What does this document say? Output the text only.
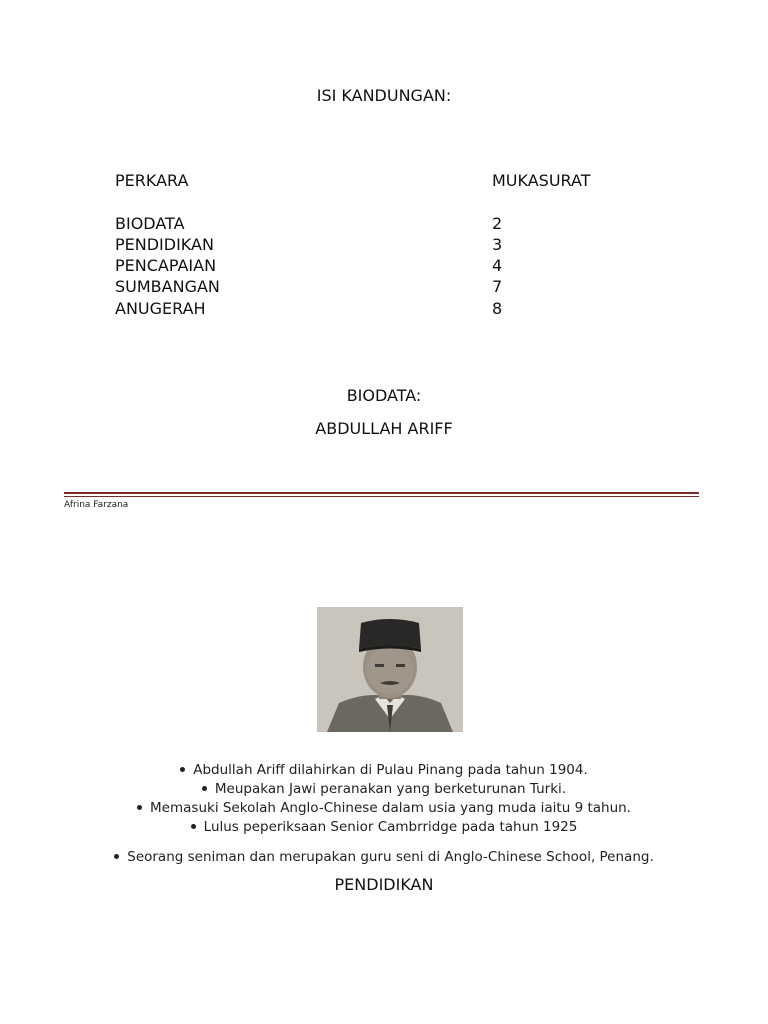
ISI KANDUNGAN:
PERKARA	MUKASURAT
BIODATA	2
PENDIDIKAN	3
PENCAPAIAN	4
SUMBANGAN	7
ANUGERAH	8
BIODATA:
ABDULLAH ARIFF
Afrina Farzana
Abdullah Ariff dilahirkan di Pulau Pinang pada tahun 1904.
Meupakan Jawi peranakan yang berketurunan Turki.
Memasuki Sekolah Anglo-Chinese dalam usia yang muda iaitu 9 tahun.
Lulus peperiksaan Senior Cambrridge pada tahun 1925
Seorang seniman dan merupakan guru seni di Anglo-Chinese School, Penang.
PENDIDIKAN
